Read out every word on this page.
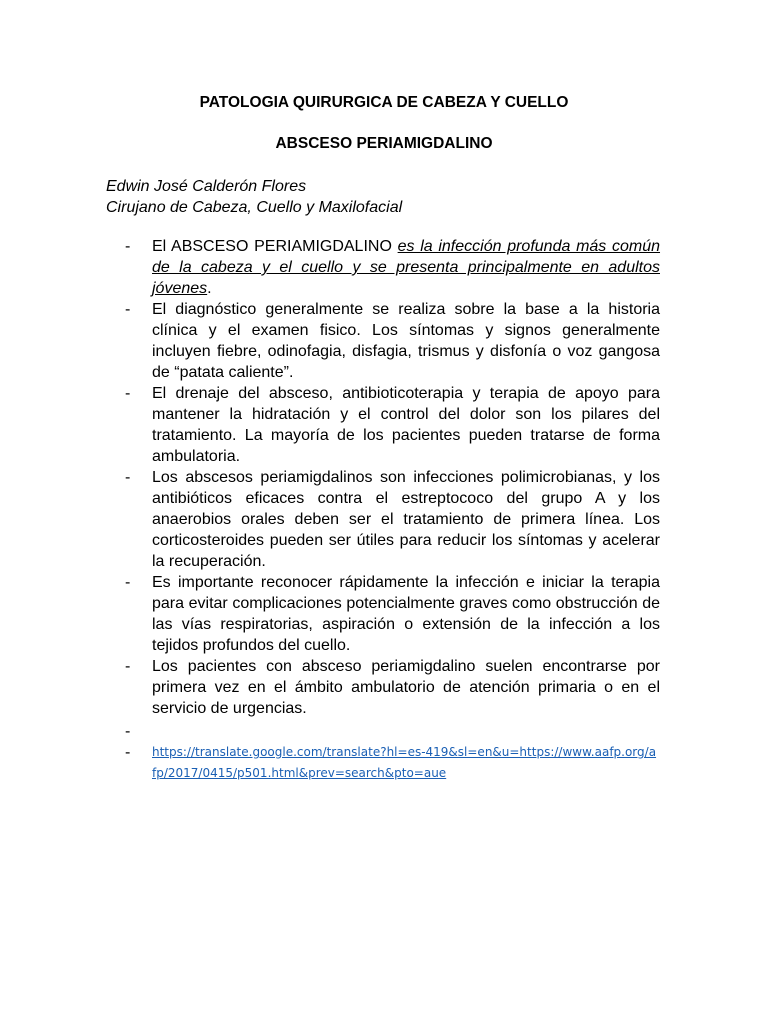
PATOLOGIA QUIRURGICA DE CABEZA Y CUELLO
ABSCESO PERIAMIGDALINO
Edwin José Calderón Flores
Cirujano de Cabeza, Cuello y Maxilofacial
- El ABSCESO PERIAMIGDALINO es la infección profunda más común de la cabeza y el cuello y se presenta principalmente en adultos jóvenes.
- El diagnóstico generalmente se realiza sobre la base a la historia clínica y el examen fisico. Los síntomas y signos generalmente incluyen fiebre, odinofagia, disfagia, trismus y disfonía o voz gangosa de “patata caliente”.
- El drenaje del absceso, antibioticoterapia y terapia de apoyo para mantener la hidratación y el control del dolor son los pilares del tratamiento. La mayoría de los pacientes pueden tratarse de forma ambulatoria.
- Los abscesos periamigdalinos son infecciones polimicrobianas, y los antibióticos eficaces contra el estreptococo del grupo A y los anaerobios orales deben ser el tratamiento de primera línea. Los corticosteroides pueden ser útiles para reducir los síntomas y acelerar la recuperación.
- Es importante reconocer rápidamente la infección e iniciar la terapia para evitar complicaciones potencialmente graves como obstrucción de las vías respiratorias, aspiración o extensión de la infección a los tejidos profundos del cuello.
- Los pacientes con absceso periamigdalino suelen encontrarse por primera vez en el ámbito ambulatorio de atención primaria o en el servicio de urgencias.
-
- https://translate.google.com/translate?hl=es-419&sl=en&u=https://www.aafp.org/afp/2017/0415/p501.html&prev=search&pto=aue
